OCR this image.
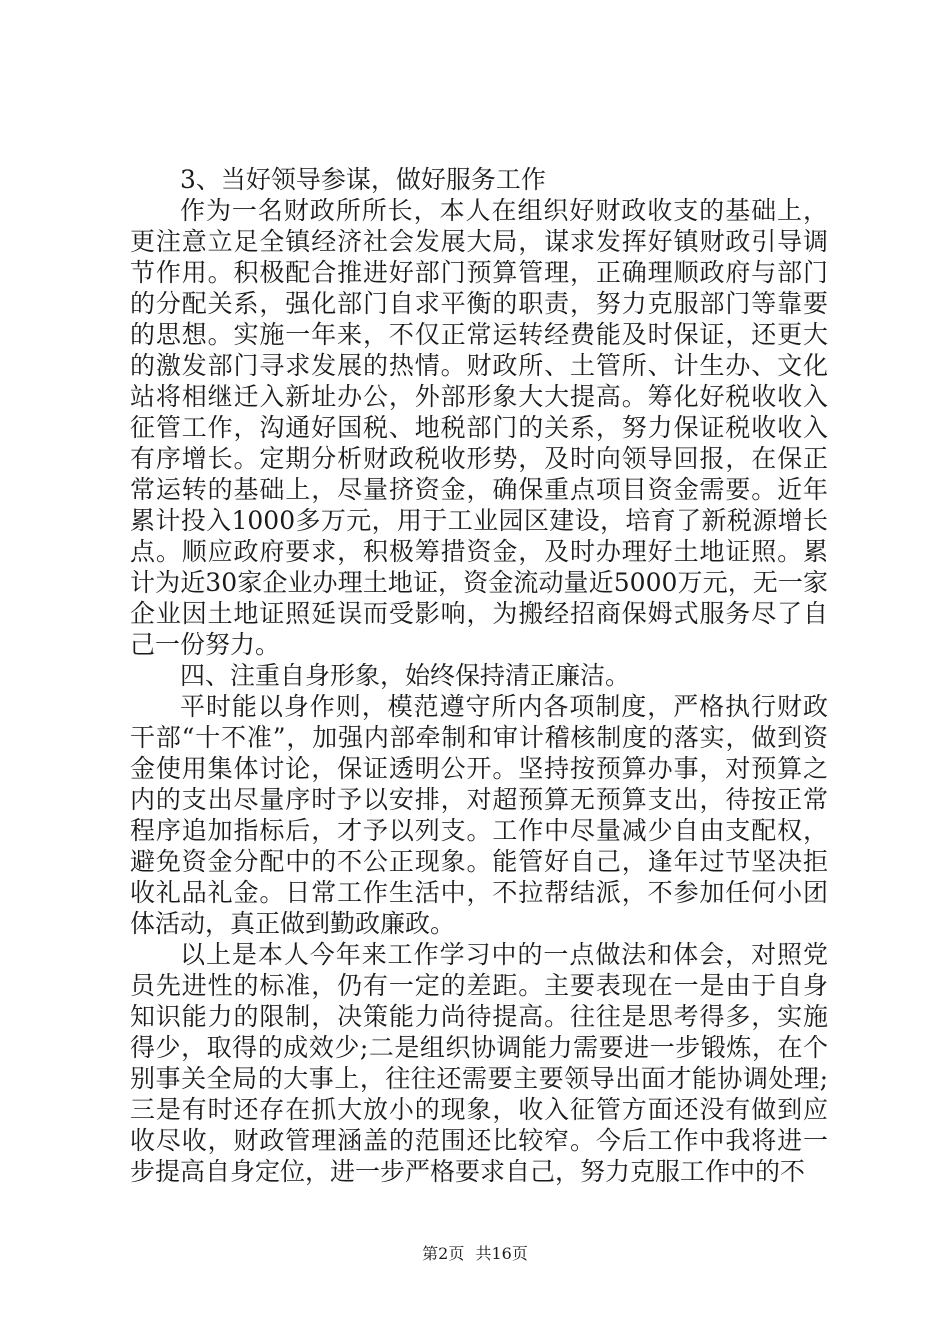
3、当好领导参谋，做好服务工作

作为一名财政所所长，本人在组织好财政收支的基础上，更注意立足全镇经济社会发展大局，谋求发挥好镇财政引导调节作用。积极配合推进好部门预算管理，正确理顺政府与部门的分配关系，强化部门自求平衡的职责，努力克服部门等靠要的思想。实施一年来，不仅正常运转经费能及时保证，还更大的激发部门寻求发展的热情。财政所、土管所、计生办、文化站将相继迁入新址办公，外部形象大大提高。筹化好税收收入征管工作，沟通好国税、地税部门的关系，努力保证税收收入有序增长。定期分析财政税收形势，及时向领导回报，在保正常运转的基础上，尽量挤资金，确保重点项目资金需要。近年累计投入1000多万元，用于工业园区建设，培育了新税源增长点。顺应政府要求，积极筹措资金，及时办理好土地证照。累计为近30家企业办理土地证，资金流动量近5000万元，无一家企业因土地证照延误而受影响，为搬经招商保姆式服务尽了自己一份努力。

四、注重自身形象，始终保持清正廉洁。

平时能以身作则，模范遵守所内各项制度，严格执行财政干部“十不准”，加强内部牵制和审计稽核制度的落实，做到资金使用集体讨论，保证透明公开。坚持按预算办事，对预算之内的支出尽量序时予以安排，对超预算无预算支出，待按正常程序追加指标后，才予以列支。工作中尽量减少自由支配权，避免资金分配中的不公正现象。能管好自己，逢年过节坚决拒收礼品礼金。日常工作生活中，不拉帮结派，不参加任何小团体活动，真正做到勤政廉政。

以上是本人今年来工作学习中的一点做法和体会，对照党员先进性的标准，仍有一定的差距。主要表现在一是由于自身知识能力的限制，决策能力尚待提高。往往是思考得多，实施得少，取得的成效少;二是组织协调能力需要进一步锻炼，在个别事关全局的大事上，往往还需要主要领导出面才能协调处理;三是有时还存在抓大放小的现象，收入征管方面还没有做到应收尽收，财政管理涵盖的范围还比较窄。今后工作中我将进一步提高自身定位，进一步严格要求自己，努力克服工作中的不

第2页 共16页
